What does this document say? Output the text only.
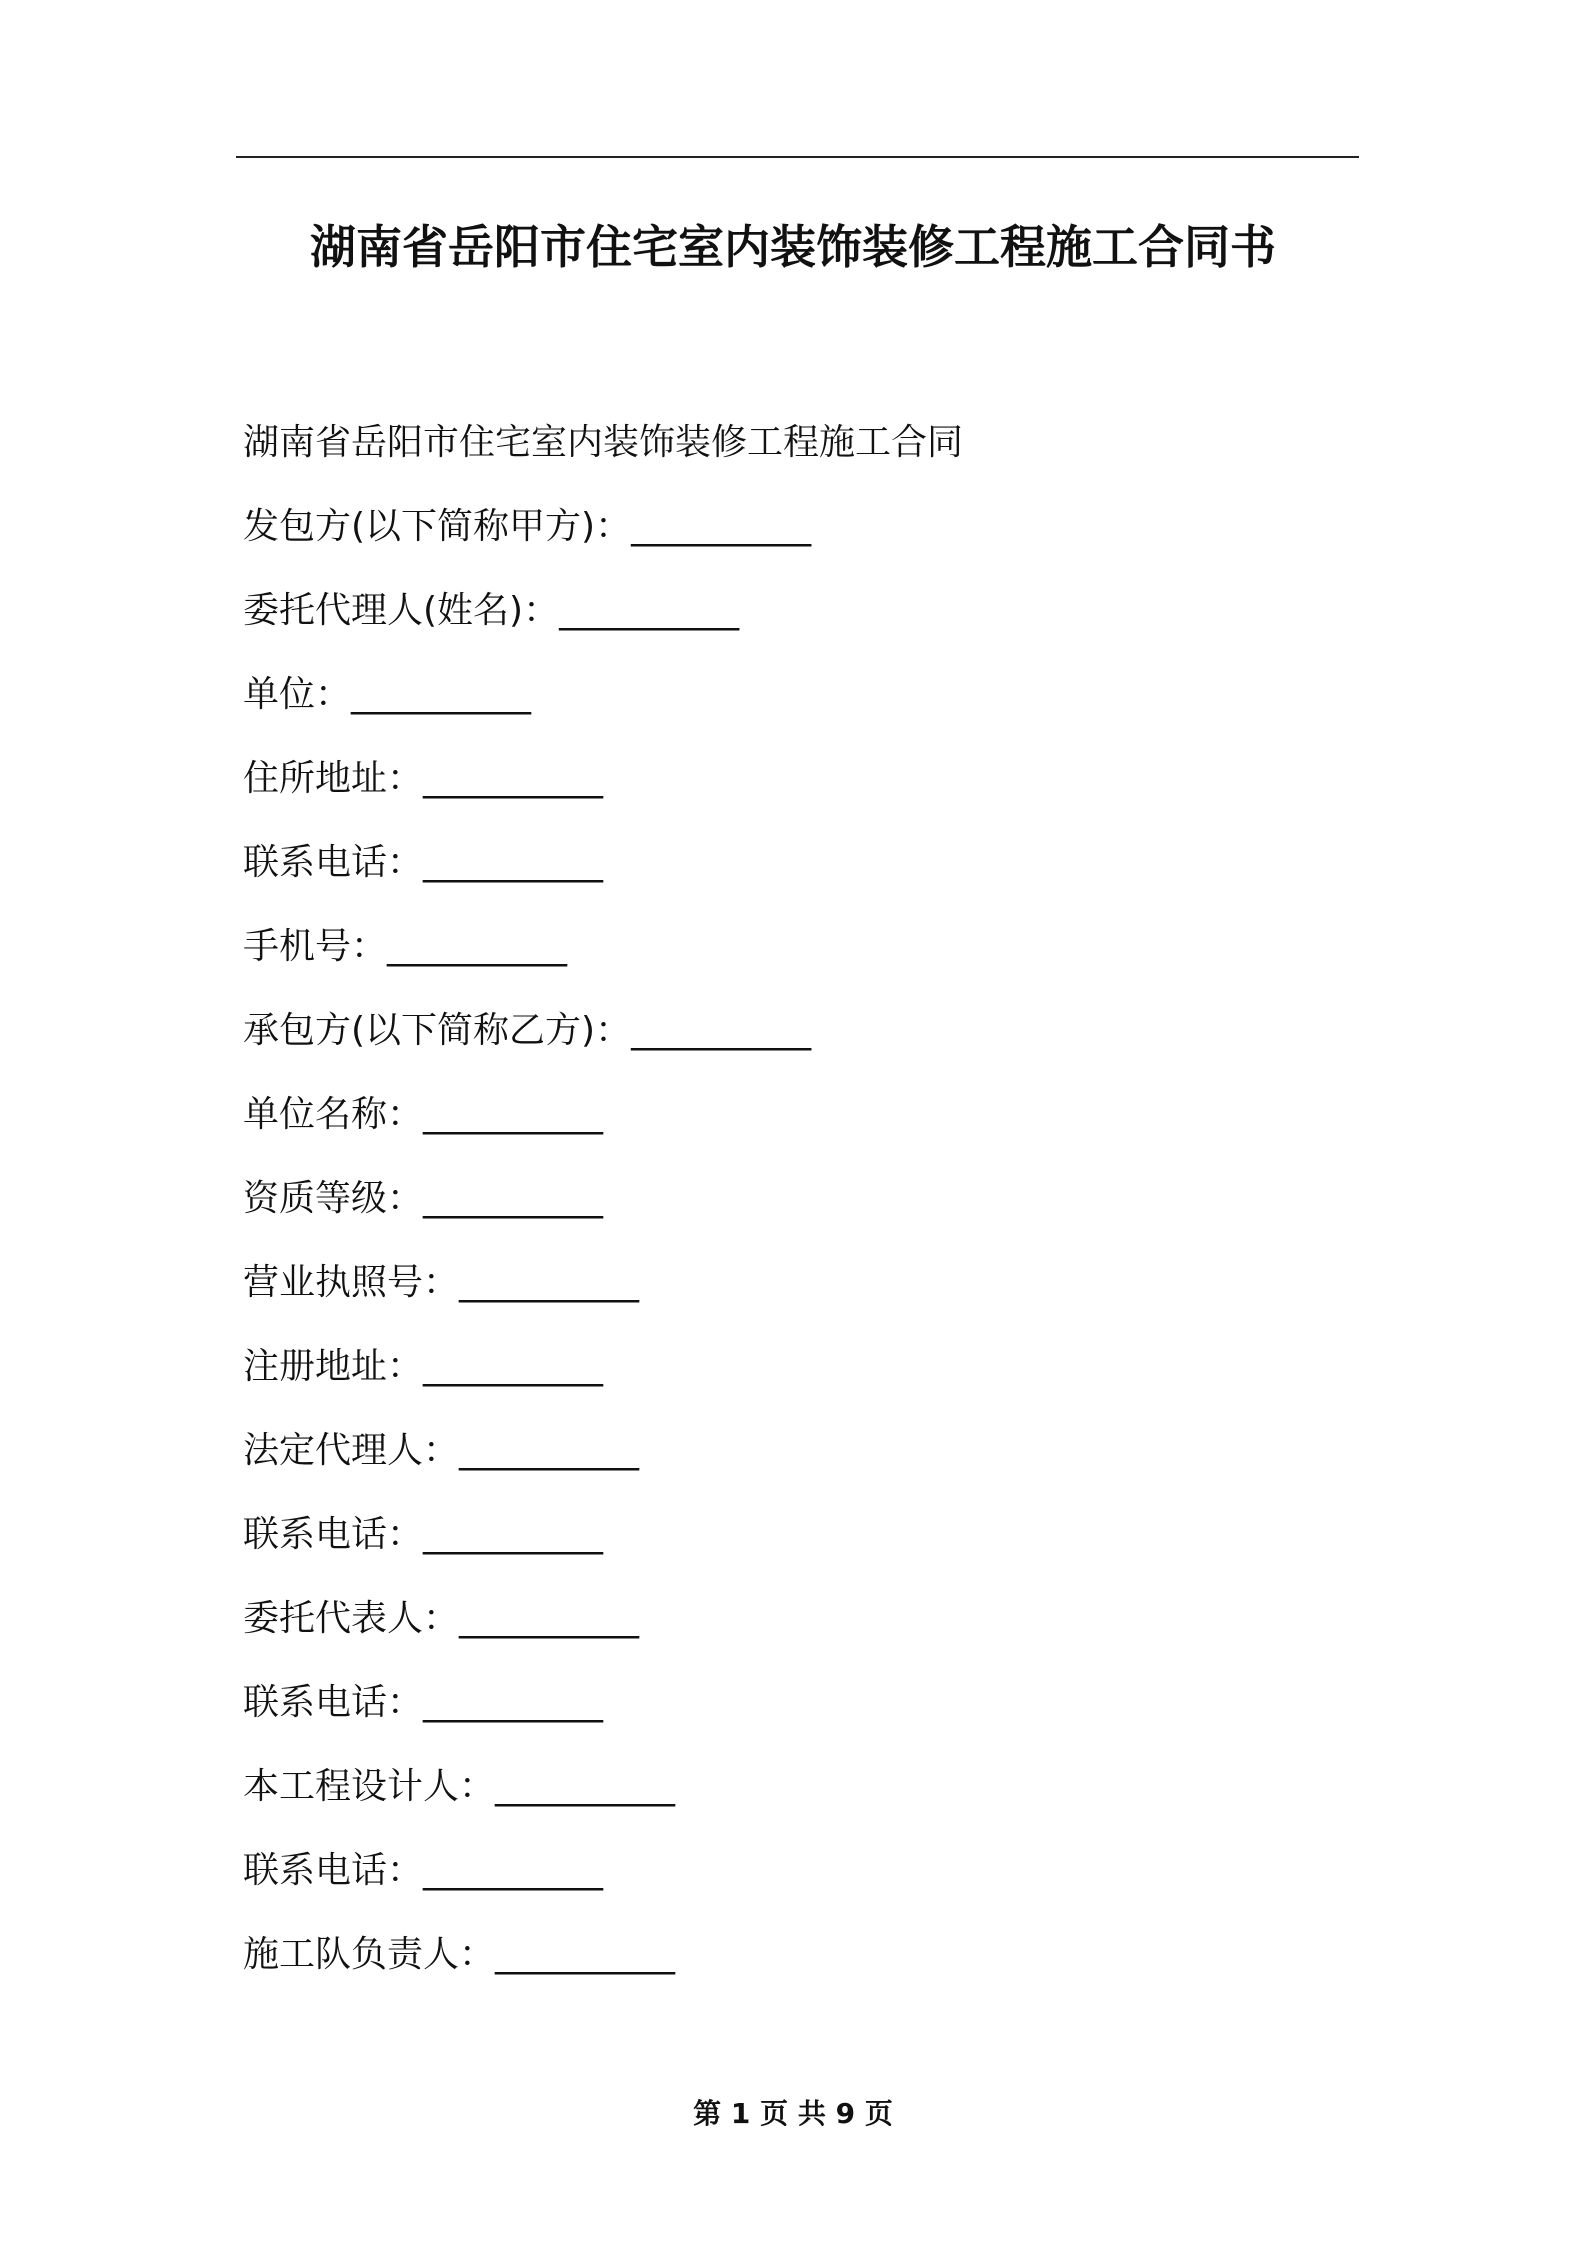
湖南省岳阳市住宅室内装饰装修工程施工合同书
湖南省岳阳市住宅室内装饰装修工程施工合同
发包方(以下简称甲方)：__________
委托代理人(姓名)：__________
单位：__________
住所地址：__________
联系电话：__________
手机号：__________
承包方(以下简称乙方)：__________
单位名称：__________
资质等级：__________
营业执照号：__________
注册地址：__________
法定代理人：__________
联系电话：__________
委托代表人：__________
联系电话：__________
本工程设计人：__________
联系电话：__________
施工队负责人：__________
第 1 页 共 9 页
